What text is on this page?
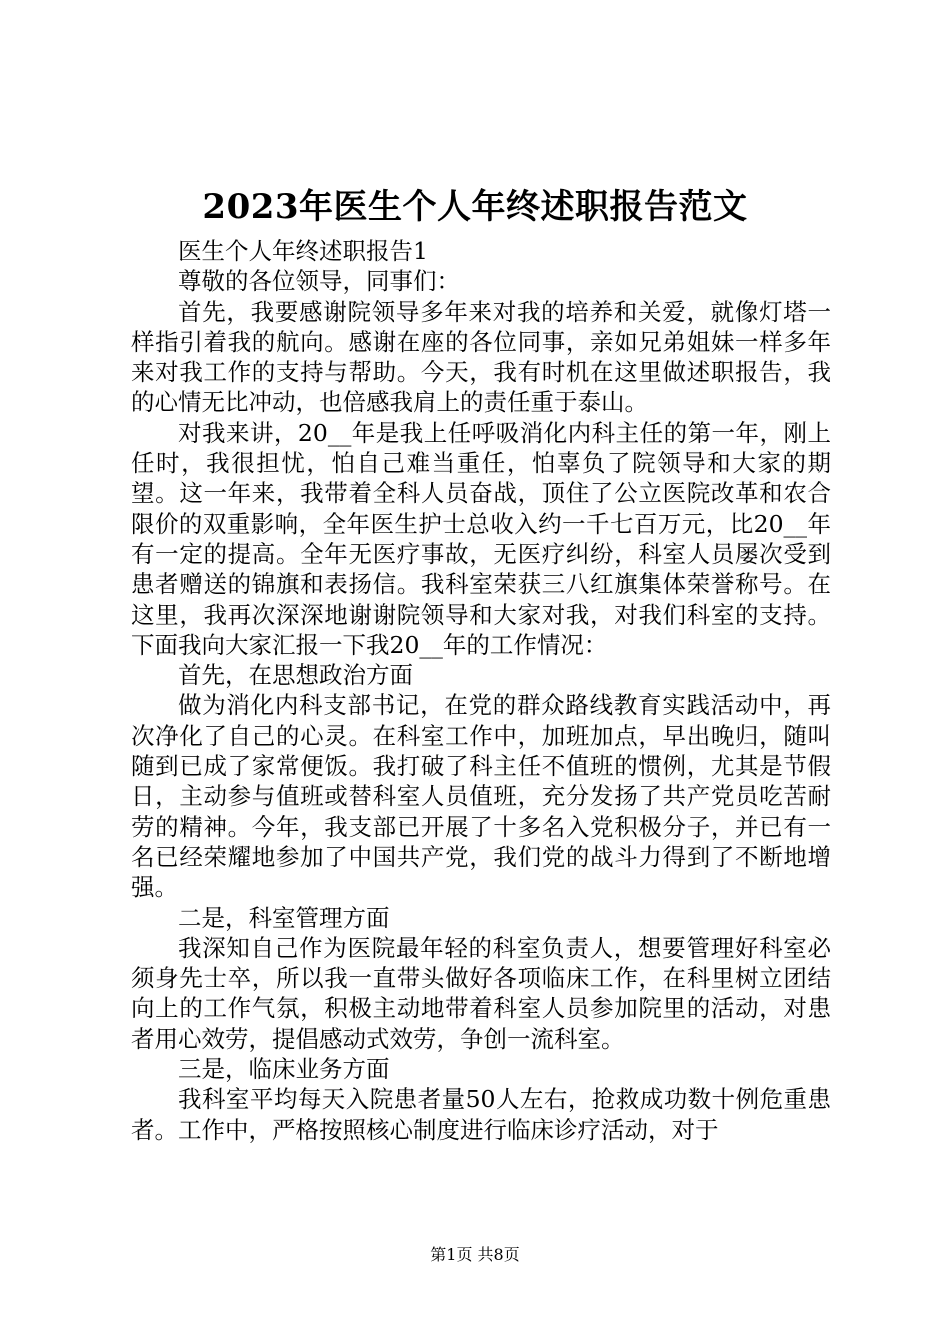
2023年医生个人年终述职报告范文

医生个人年终述职报告1

尊敬的各位领导，同事们：

首先，我要感谢院领导多年来对我的培养和关爱，就像灯塔一样指引着我的航向。感谢在座的各位同事，亲如兄弟姐妹一样多年来对我工作的支持与帮助。今天，我有时机在这里做述职报告，我的心情无比冲动，也倍感我肩上的责任重于泰山。

对我来讲，20__年是我上任呼吸消化内科主任的第一年，刚上任时，我很担忧，怕自己难当重任，怕辜负了院领导和大家的期望。这一年来，我带着全科人员奋战，顶住了公立医院改革和农合限价的双重影响，全年医生护士总收入约一千七百万元，比20__年有一定的提高。全年无医疗事故，无医疗纠纷，科室人员屡次受到患者赠送的锦旗和表扬信。我科室荣获三八红旗集体荣誉称号。在这里，我再次深深地谢谢院领导和大家对我，对我们科室的支持。下面我向大家汇报一下我20__年的工作情况：

首先，在思想政治方面

做为消化内科支部书记，在党的群众路线教育实践活动中，再次净化了自己的心灵。在科室工作中，加班加点，早出晚归，随叫随到已成了家常便饭。我打破了科主任不值班的惯例，尤其是节假日，主动参与值班或替科室人员值班，充分发扬了共产党员吃苦耐劳的精神。今年，我支部已开展了十多名入党积极分子，并已有一名已经荣耀地参加了中国共产党，我们党的战斗力得到了不断地增强。

二是，科室管理方面

我深知自己作为医院最年轻的科室负责人，想要管理好科室必须身先士卒，所以我一直带头做好各项临床工作，在科里树立团结向上的工作气氛，积极主动地带着科室人员参加院里的活动，对患者用心效劳，提倡感动式效劳，争创一流科室。

三是，临床业务方面

我科室平均每天入院患者量50人左右，抢救成功数十例危重患者。工作中，严格按照核心制度进行临床诊疗活动，对于

第1页 共8页
